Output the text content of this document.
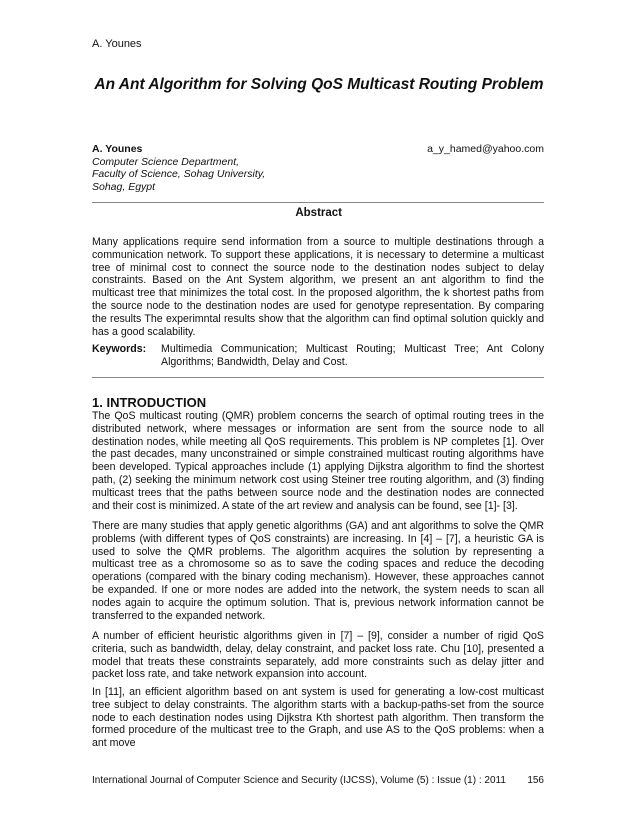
A. Younes
An Ant Algorithm for Solving QoS Multicast Routing Problem
A. Younes	a_y_hamed@yahoo.com
Computer Science Department,
Faculty of Science, Sohag University,
Sohag, Egypt
Abstract

Many applications require send information from a source to multiple destinations through a communication network. To support these applications, it is necessary to determine a multicast tree of minimal cost to connect the source node to the destination nodes subject to delay constraints. Based on the Ant System algorithm, we present an ant algorithm to find the multicast tree that minimizes the total cost. In the proposed algorithm, the k shortest paths from the source node to the destination nodes are used for genotype representation. By comparing the results The experimntal results show that the algorithm can find optimal solution quickly and has a good scalability.

Keywords: Multimedia Communication; Multicast Routing; Multicast Tree; Ant Colony Algorithms; Bandwidth, Delay and Cost.
1. INTRODUCTION

The QoS multicast routing (QMR) problem concerns the search of optimal routing trees in the distributed network, where messages or information are sent from the source node to all destination nodes, while meeting all QoS requirements. This problem is NP completes [1]. Over the past decades, many unconstrained or simple constrained multicast routing algorithms have been developed. Typical approaches include (1) applying Dijkstra algorithm to find the shortest path, (2) seeking the minimum network cost using Steiner tree routing algorithm, and (3) finding multicast trees that the paths between source node and the destination nodes are connected and their cost is minimized. A state of the art review and analysis can be found, see [1]- [3].

There are many studies that apply genetic algorithms (GA) and ant algorithms to solve the QMR problems (with different types of QoS constraints) are increasing. In [4] – [7], a heuristic GA is used to solve the QMR problems. The algorithm acquires the solution by representing a multicast tree as a chromosome so as to save the coding spaces and reduce the decoding operations (compared with the binary coding mechanism). However, these approaches cannot be expanded. If one or more nodes are added into the network, the system needs to scan all nodes again to acquire the optimum solution. That is, previous network information cannot be transferred to the expanded network.

A number of efficient heuristic algorithms given in [7] – [9], consider a number of rigid QoS criteria, such as bandwidth, delay, delay constraint, and packet loss rate. Chu [10], presented a model that treats these constraints separately, add more constraints such as delay jitter and packet loss rate, and take network expansion into account.

In [11], an efficient algorithm based on ant system is used for generating a low-cost multicast tree subject to delay constraints. The algorithm starts with a backup-paths-set from the source node to each destination nodes using Dijkstra Kth shortest path algorithm. Then transform the formed procedure of the multicast tree to the Graph, and use AS to the QoS problems: when a ant move

International Journal of Computer Science and Security (IJCSS), Volume (5) : Issue (1) : 2011 156
